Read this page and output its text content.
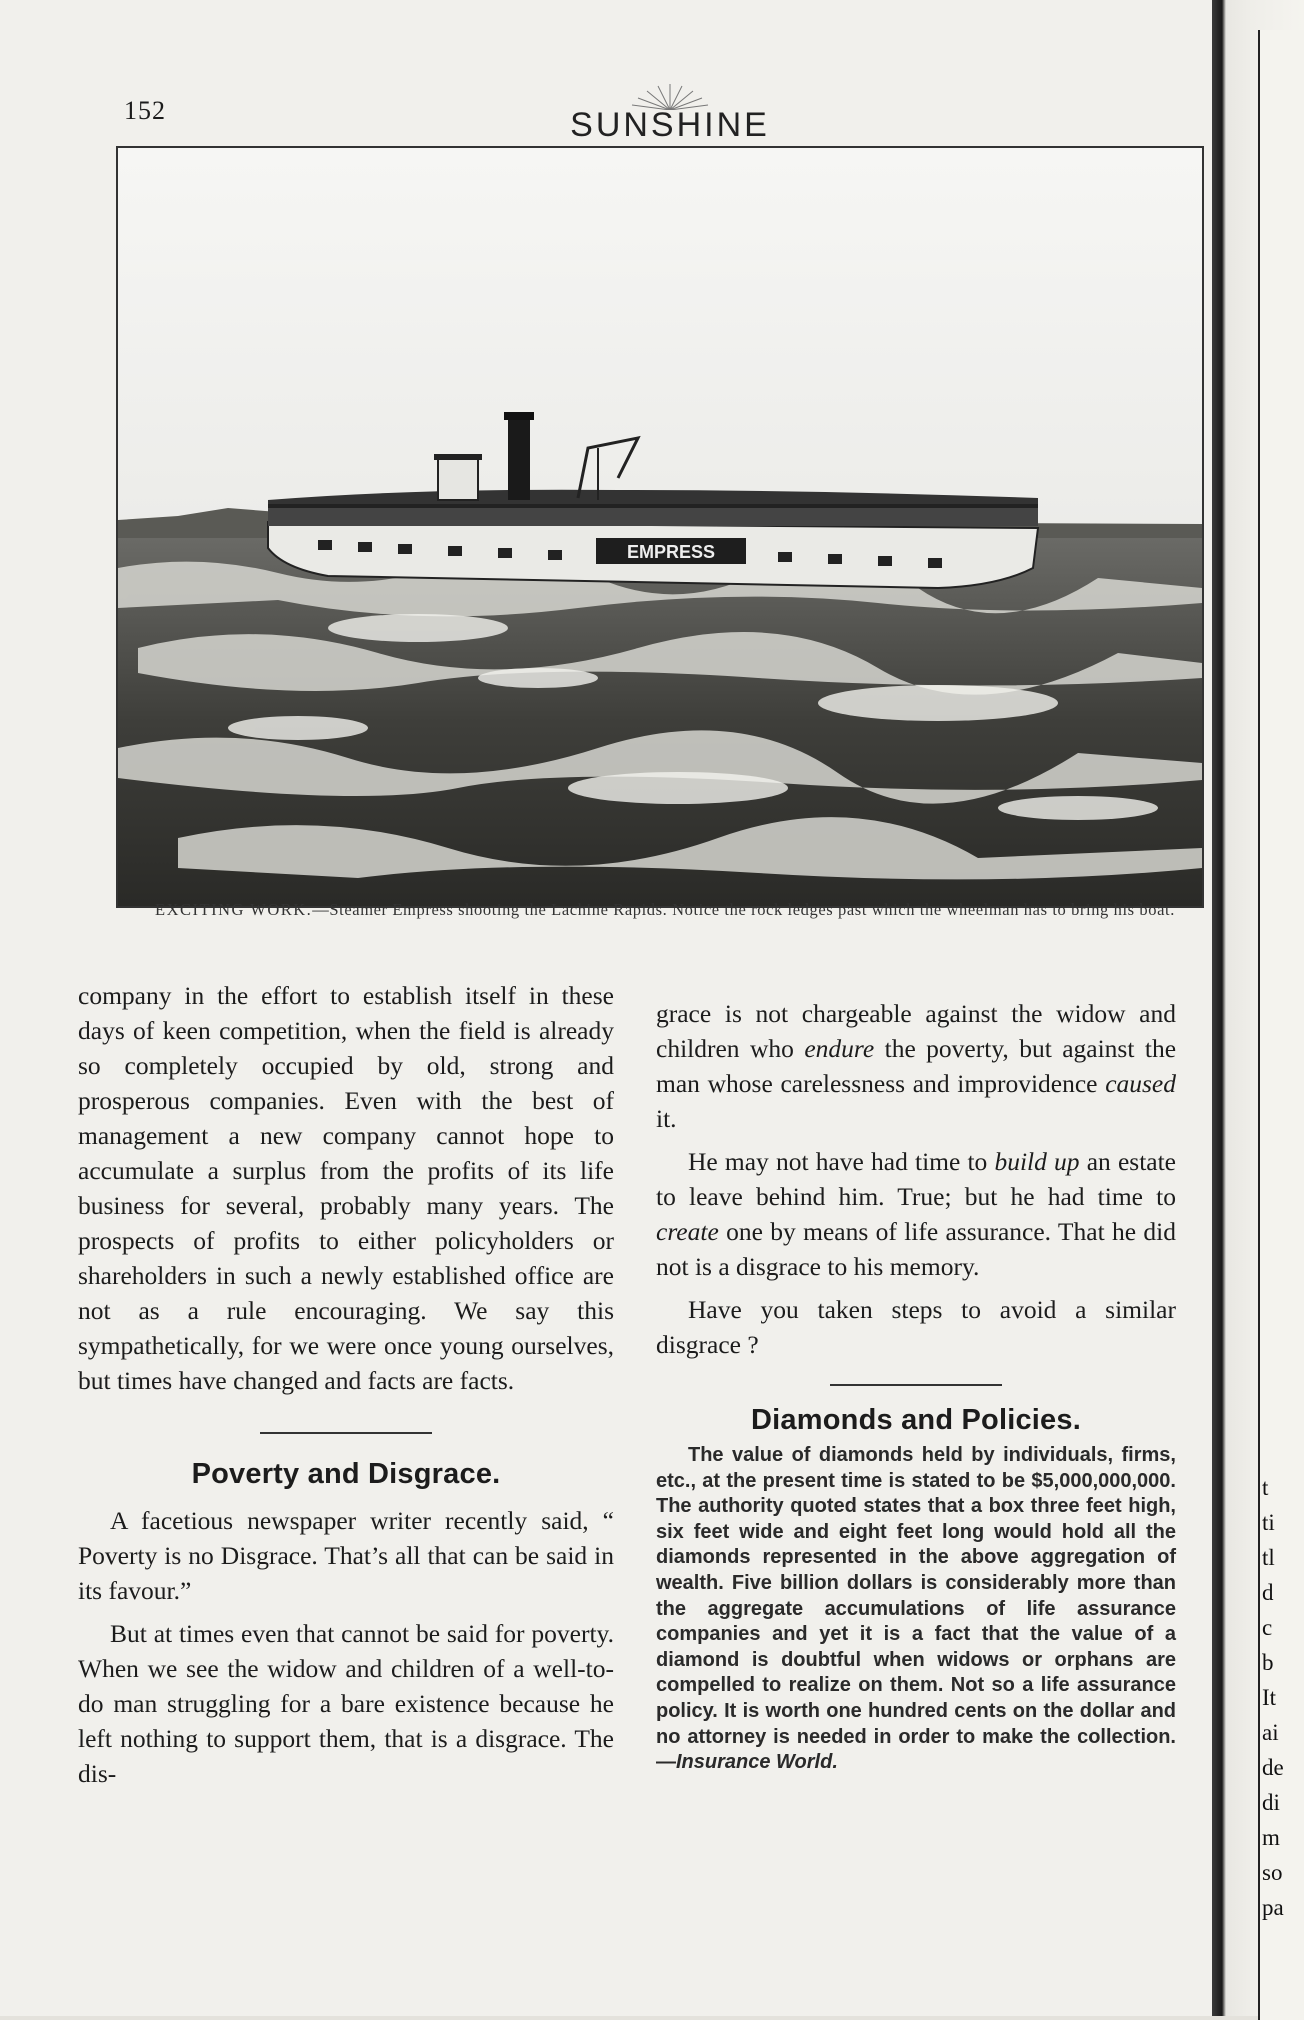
152	SUNSHINE
EMPRESS
EXCITING WORK.—Steamer Empress shooting the Lachine Rapids. Notice the rock ledges past which the wheelman has to bring his boat.

company in the effort to establish itself in these days of keen competition, when the field is already so completely occupied by old, strong and prosperous companies. Even with the best of management a new company cannot hope to accumulate a surplus from the profits of its life business for several, probably many years. The prospects of profits to either policyholders or shareholders in such a newly established office are not as a rule encouraging. We say this sympathetically, for we were once young ourselves, but times have changed and facts are facts.

Poverty and Disgrace.

A facetious newspaper writer recently said, “ Poverty is no Disgrace. That’s all that can be said in its favour.”

But at times even that cannot be said for poverty. When we see the widow and children of a well-to-do man struggling for a bare existence because he left nothing to support them, that is a disgrace. The dis-

grace is not chargeable against the widow and children who endure the poverty, but against the man whose carelessness and improvidence caused it.

He may not have had time to build up an estate to leave behind him. True; but he had time to create one by means of life assurance. That he did not is a disgrace to his memory.

Have you taken steps to avoid a similar disgrace ?

Diamonds and Policies.

The value of diamonds held by individuals, firms, etc., at the present time is stated to be $5,000,000,000. The authority quoted states that a box three feet high, six feet wide and eight feet long would hold all the diamonds represented in the above aggregation of wealth. Five billion dollars is considerably more than the aggregate accumulations of life assurance companies and yet it is a fact that the value of a diamond is doubtful when widows or orphans are compelled to realize on them. Not so a life assurance policy. It is worth one hundred cents on the dollar and no attorney is needed in order to make the collection.—Insurance World.

t
ti
tl
d
c
b
It
ai
de
di
m
so
pa
